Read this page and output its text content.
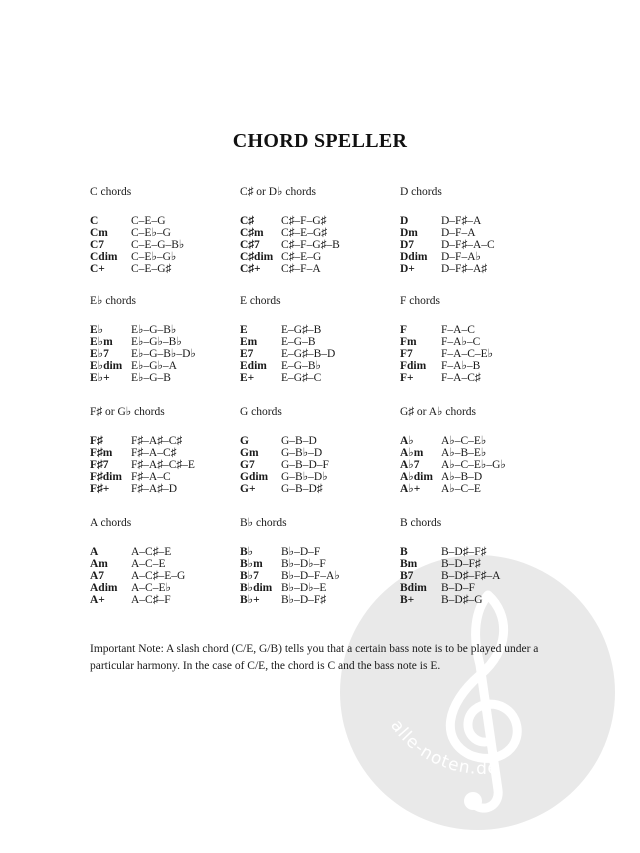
alle-noten.de
CHORD SPELLER
C chords
C	C–E–G
Cm	C–E♭–G
C7	C–E–G–B♭
Cdim	C–E♭–G♭
C+	C–E–G♯
C♯ or D♭ chords
C♯	C♯–F–G♯
C♯m	C♯–E–G♯
C♯7	C♯–F–G♯–B
C♯dim C♯–E–G
C♯+	C♯–F–A
D chords
D	D–F♯–A
Dm	D–F–A
D7	D–F♯–A–C
Ddim	D–F–A♭
D+	D–F♯–A♯
E♭ chords
E♭	E♭–G–B♭
E♭m	E♭–G♭–B♭
E♭7	E♭–G–B♭–D♭
E♭dim E♭–G♭–A
E♭+	E♭–G–B
E chords
E	E–G♯–B
Em	E–G–B
E7	E–G♯–B–D
Edim	E–G–B♭
E+	E–G♯–C
F chords
F	F–A–C
Fm	F–A♭–C
F7	F–A–C–E♭
Fdim	F–A♭–B
F+	F–A–C♯
F♯ or G♭ chords
F♯	F♯–A♯–C♯
F♯m	F♯–A–C♯
F♯7	F♯–A♯–C♯–E
F♯dim F♯–A–C
F♯+	F♯–A♯–D
G chords
G	G–B–D
Gm	G–B♭–D
G7	G–B–D–F
Gdim	G–B♭–D♭
G+	G–B–D♯
G♯ or A♭ chords
A♭	A♭–C–E♭
A♭m	A♭–B–E♭
A♭7	A♭–C–E♭–G♭
A♭dim A♭–B–D
A♭+	A♭–C–E
A chords
A	A–C♯–E
Am	A–C–E
A7	A–C♯–E–G
Adim	A–C–E♭
A+	A–C♯–F
B♭ chords
B♭	B♭–D–F
B♭m	B♭–D♭–F
B♭7	B♭–D–F–A♭
B♭dim B♭–D♭–E
B♭+	B♭–D–F♯
B chords
B	B–D♯–F♯
Bm	B–D–F♯
B7	B–D♯–F♯–A
Bdim	B–D–F
B+	B–D♯–G
Important Note: A slash chord (C/E, G/B) tells you that a certain bass note is to be played under a particular harmony. In the case of C/E, the chord is C and the bass note is E.
